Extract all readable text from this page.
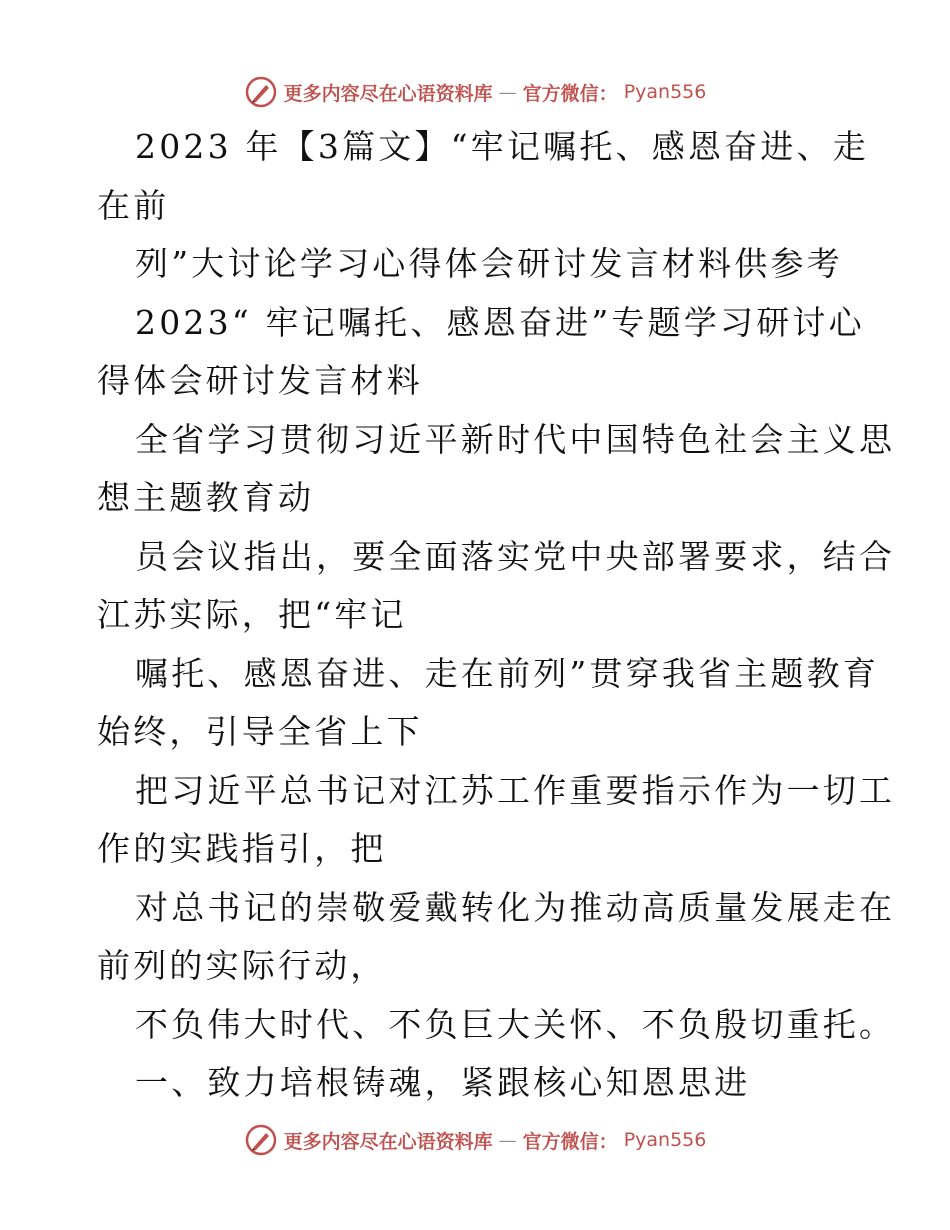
更多内容尽在心语资料库 — 官方微信： Pyan556
2023 年【3篇文】“牢记嘱托、感恩奋进、走
在前
列”大讨论学习心得体会研讨发言材料供参考
2023“ 牢记嘱托、感恩奋进”专题学习研讨心
得体会研讨发言材料
全省学习贯彻习近平新时代中国特色社会主义思
想主题教育动
员会议指出，要全面落实党中央部署要求，结合
江苏实际，把“牢记
嘱托、感恩奋进、走在前列”贯穿我省主题教育
始终，引导全省上下
把习近平总书记对江苏工作重要指示作为一切工
作的实践指引，把
对总书记的崇敬爱戴转化为推动高质量发展走在
前列的实际行动，
不负伟大时代、不负巨大关怀、不负殷切重托。
一、致力培根铸魂，紧跟核心知恩思进
更多内容尽在心语资料库 — 官方微信： Pyan556
